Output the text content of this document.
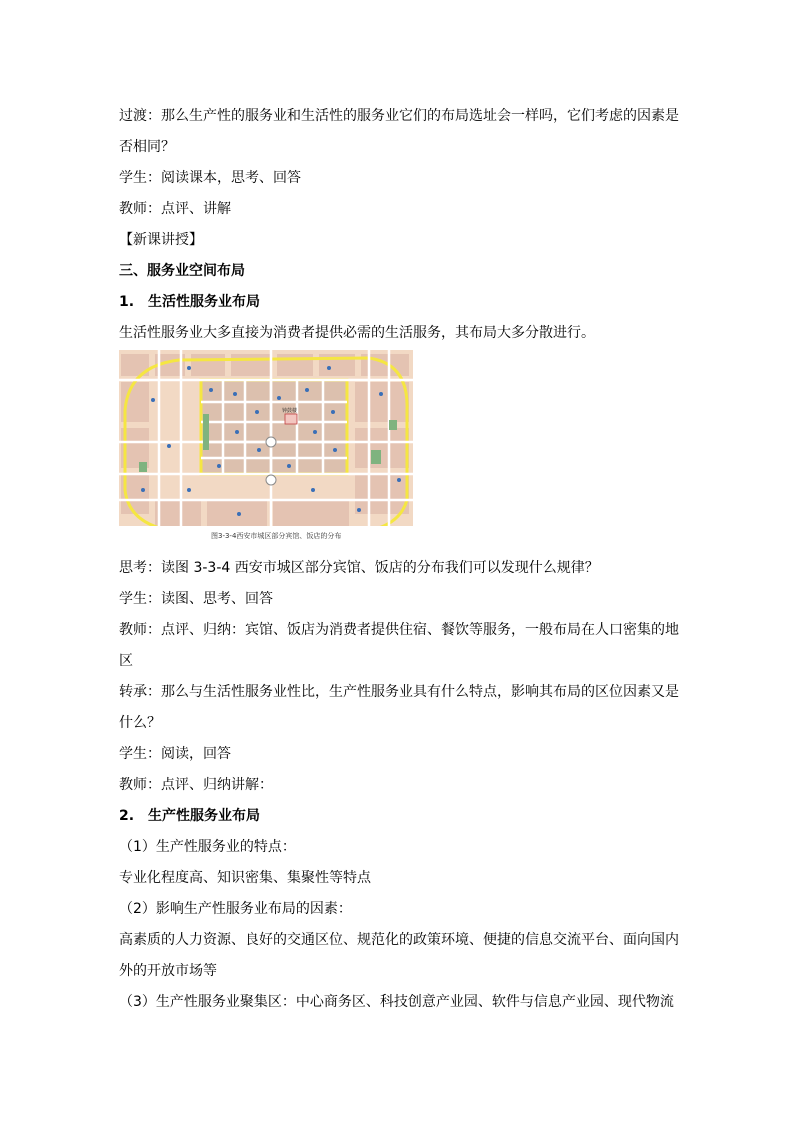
过渡：那么生产性的服务业和生活性的服务业它们的布局选址会一样吗，它们考虑的因素是
否相同？
学生：阅读课本，思考、回答
教师：点评、讲解
【新课讲授】
三、服务业空间布局
1.　生活性服务业布局
生活性服务业大多直接为消费者提供必需的生活服务，其布局大多分散进行。
钟鼓楼
图3-3-4西安市城区部分宾馆、饭店的分布
思考：读图 3-3-4 西安市城区部分宾馆、饭店的分布我们可以发现什么规律？
学生：读图、思考、回答
教师：点评、归纳：宾馆、饭店为消费者提供住宿、餐饮等服务，一般布局在人口密集的地
区
转承：那么与生活性服务业性比，生产性服务业具有什么特点，影响其布局的区位因素又是
什么？
学生：阅读，回答
教师：点评、归纳讲解：
2.　生产性服务业布局
（1）生产性服务业的特点：
专业化程度高、知识密集、集聚性等特点
（2）影响生产性服务业布局的因素：
高素质的人力资源、良好的交通区位、规范化的政策环境、便捷的信息交流平台、面向国内
外的开放市场等
（3）生产性服务业聚集区：中心商务区、科技创意产业园、软件与信息产业园、现代物流
